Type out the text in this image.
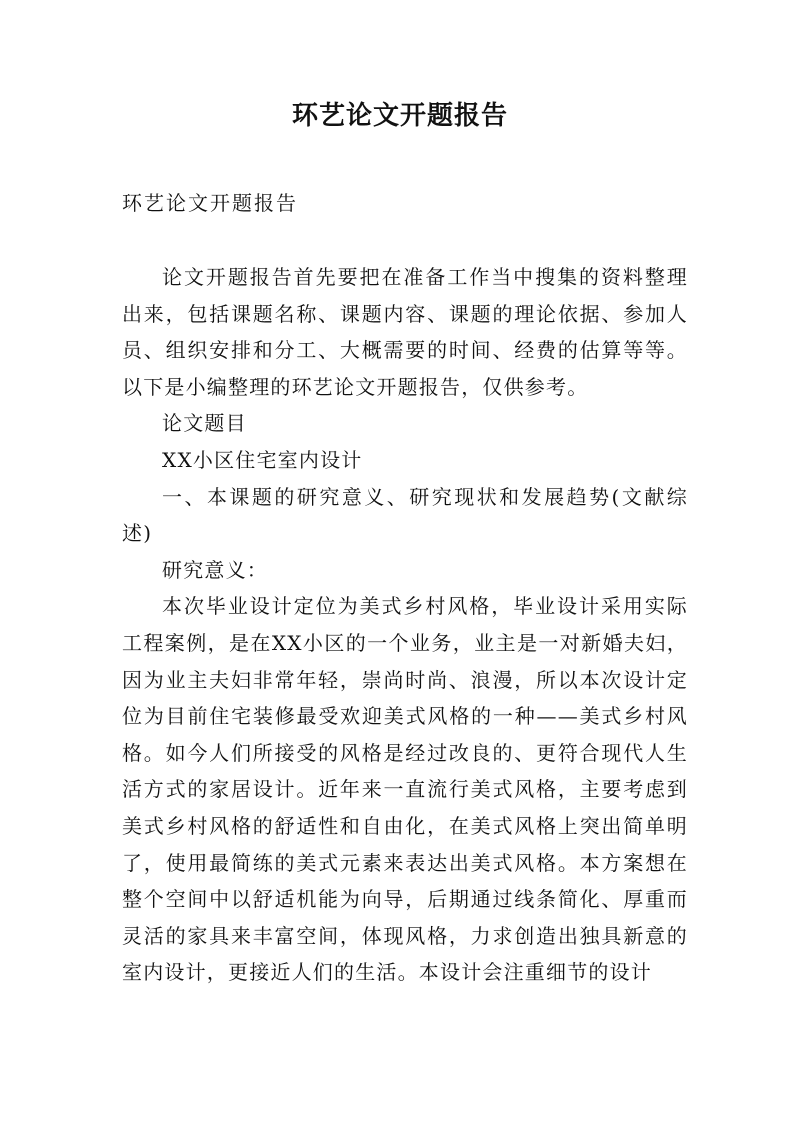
环艺论文开题报告
环艺论文开题报告

论文开题报告首先要把在准备工作当中搜集的资料整理出来，包括课题名称、课题内容、课题的理论依据、参加人员、组织安排和分工、大概需要的时间、经费的估算等等。以下是小编整理的环艺论文开题报告，仅供参考。

论文题目

XX小区住宅室内设计

一、本课题的研究意义、研究现状和发展趋势(文献综述)

研究意义：

本次毕业设计定位为美式乡村风格，毕业设计采用实际工程案例，是在XX小区的一个业务，业主是一对新婚夫妇，因为业主夫妇非常年轻，崇尚时尚、浪漫，所以本次设计定位为目前住宅装修最受欢迎美式风格的一种——美式乡村风格。如今人们所接受的风格是经过改良的、更符合现代人生活方式的家居设计。近年来一直流行美式风格，主要考虑到美式乡村风格的舒适性和自由化，在美式风格上突出简单明了，使用最简练的美式元素来表达出美式风格。本方案想在整个空间中以舒适机能为向导，后期通过线条简化、厚重而灵活的家具来丰富空间，体现风格，力求创造出独具新意的室内设计，更接近人们的生活。本设计会注重细节的设计
